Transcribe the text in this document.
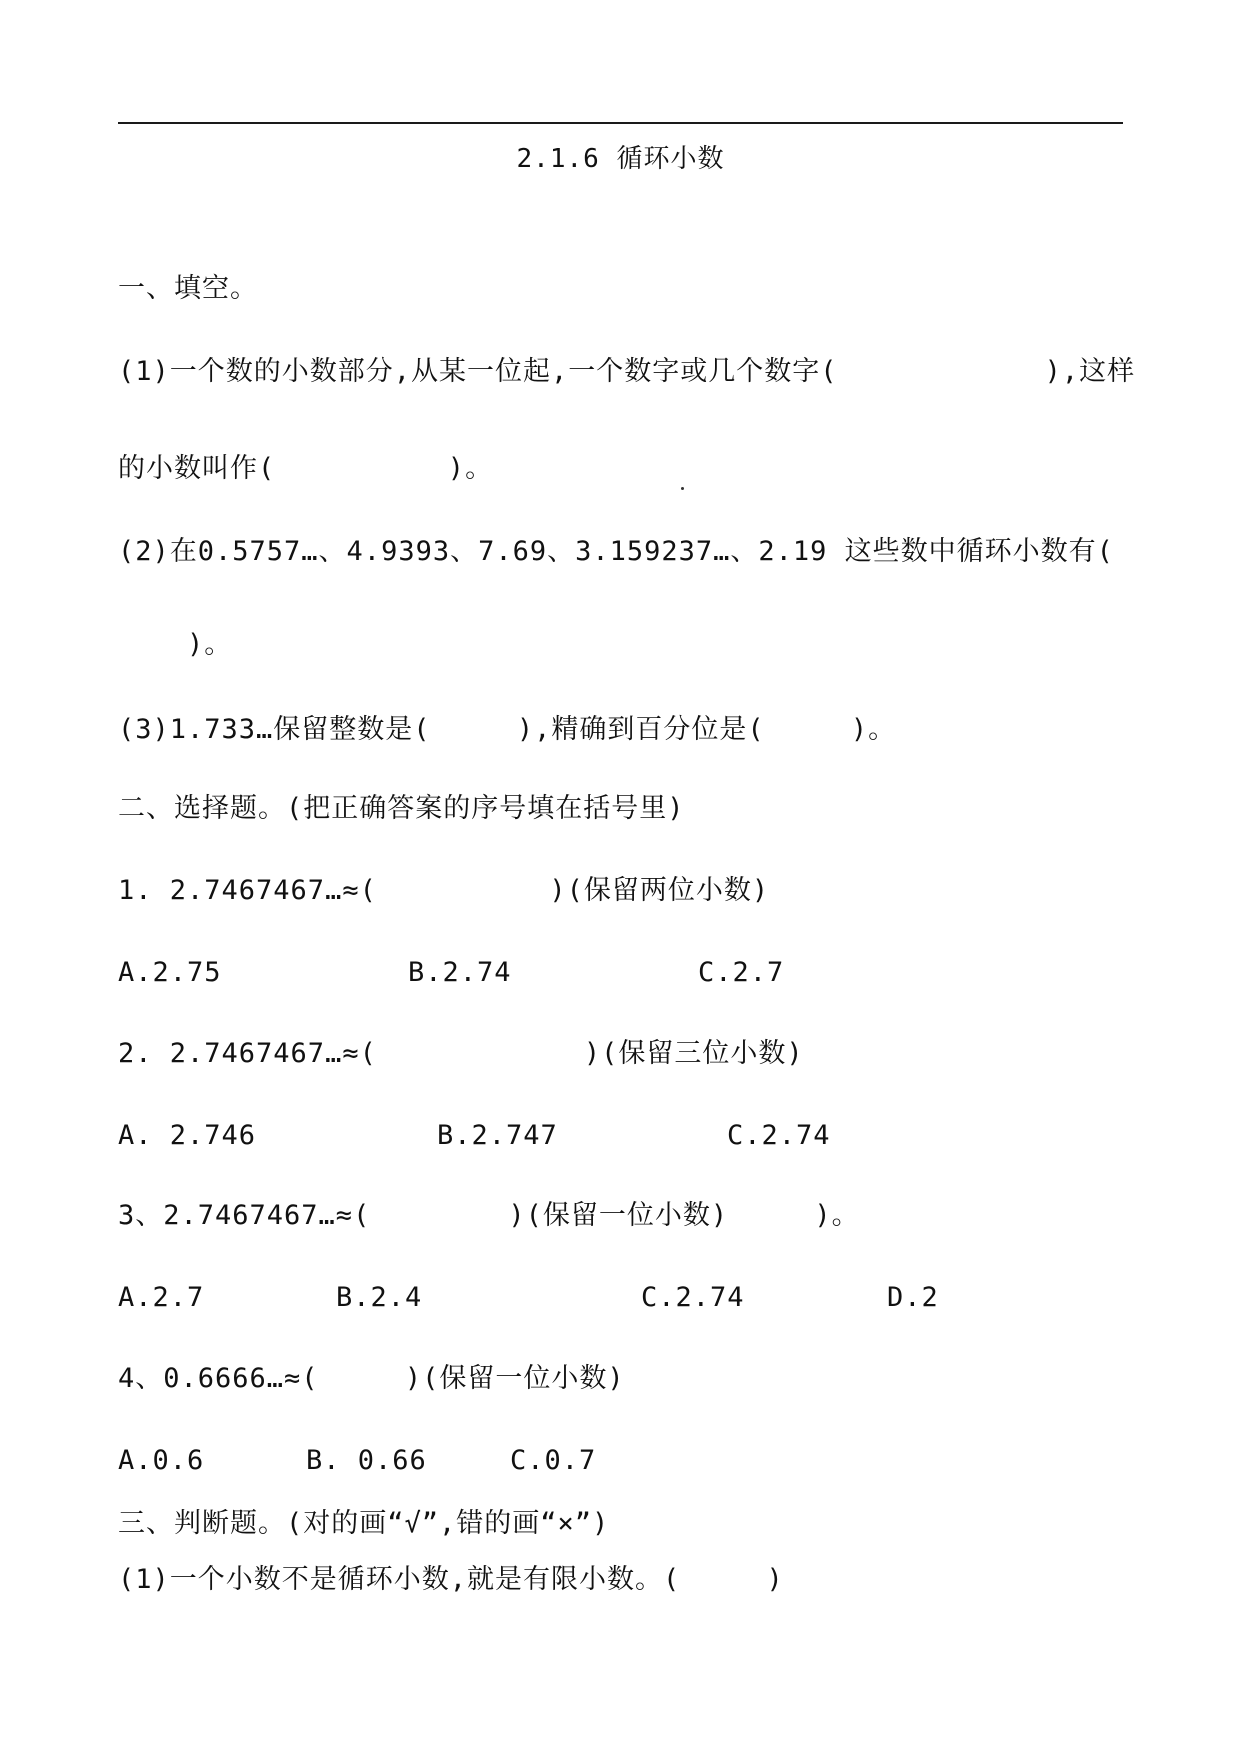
2.1.6 循环小数
一、填空。
(1)一个数的小数部分,从某一位起,一个数字或几个数字(            ),这样
的小数叫作(          )。
(2)在0.5757…、4.9393、7.69、3.159237…、2.19 这些数中循环小数有(
)。
(3)1.733…保留整数是(     ),精确到百分位是(     )。
二、选择题。(把正确答案的序号填在括号里)
1. 2.7467467…≈(          )(保留两位小数)
A.2.75	B.2.74	C.2.7
2. 2.7467467…≈(            )(保留三位小数)
A. 2.746	B.2.747	C.2.74
3、2.7467467…≈(        )(保留一位小数)     )。
A.2.7	B.2.4	C.2.74	D.2
4、0.6666…≈(     )(保留一位小数)
A.0.6	B. 0.66	C.0.7
三、判断题。(对的画“√”,错的画“×”)
(1)一个小数不是循环小数,就是有限小数。(     )
